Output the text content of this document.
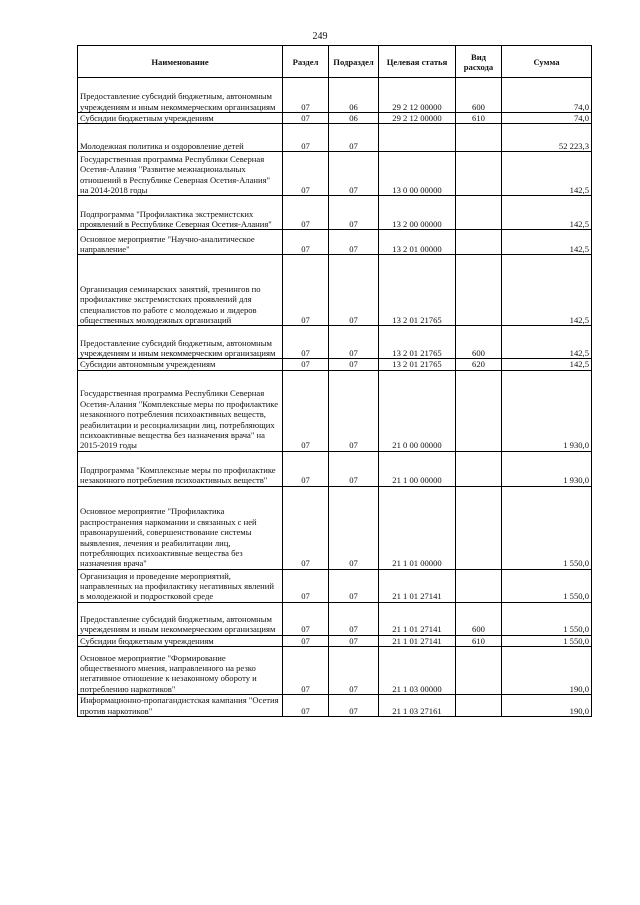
249
Наименование	Раздел	Подраздел	Целевая статья	Вид расхода	Сумма
Предоставление субсидий бюджетным, автономным учреждениям и иным некоммерческим организациям	07	06	29 2 12 00000	600	74,0
Субсидии бюджетным учреждениям	07	06	29 2 12 00000	610	74,0
Молодежная политика и оздоровление детей	07	07			52 223,3
Государственная программа Республики Северная Осетия-Алания "Развитие межнациональных отношений в Республике Северная Осетия-Алания" на 2014-2018 годы	07	07	13 0 00 00000		142,5
Подпрограмма "Профилактика экстремистских проявлений в Республике Северная Осетия-Алания"	07	07	13 2 00 00000		142,5
Основное мероприятие "Научно-аналитическое направление"	07	07	13 2 01 00000		142,5
Организация семинарских занятий, тренингов по профилактике экстремистских проявлений для специалистов по работе с молодежью и лидеров общественных молодежных организаций	07	07	13 2 01 21765		142,5
Предоставление субсидий бюджетным, автономным учреждениям и иным некоммерческим организациям	07	07	13 2 01 21765	600	142,5
Субсидии автономным учреждениям	07	07	13 2 01 21765	620	142,5
Государственная программа Республики Северная Осетия-Алания "Комплексные меры по профилактике незаконного потребления психоактивных веществ, реабилитации и ресоциализации лиц, потребляющих психоактивные вещества без назначения врача" на 2015-2019 годы	07	07	21 0 00 00000		1 930,0
Подпрограмма "Комплексные меры по профилактике незаконного потребления психоактивных веществ"	07	07	21 1 00 00000		1 930,0
Основное мероприятие "Профилактика распространения наркомании и связанных с ней правонарушений, совершенствование системы выявления, лечения и реабилитации лиц, потребляющих психоактивные вещества без назначения врача"	07	07	21 1 01 00000		1 550,0
Организация и проведение мероприятий, направленных на профилактику негативных явлений в молодежной и подростковой среде	07	07	21 1 01 27141		1 550,0
Предоставление субсидий бюджетным, автономным учреждениям и иным некоммерческим организациям	07	07	21 1 01 27141	600	1 550,0
Субсидии бюджетным учреждениям	07	07	21 1 01 27141	610	1 550,0
Основное мероприятие "Формирование общественного мнения, направленного на резко негативное отношение к незаконному обороту и потреблению наркотиков"	07	07	21 1 03 00000		190,0
Информационно-пропагандистская кампания "Осетия против наркотиков"	07	07	21 1 03 27161		190,0
